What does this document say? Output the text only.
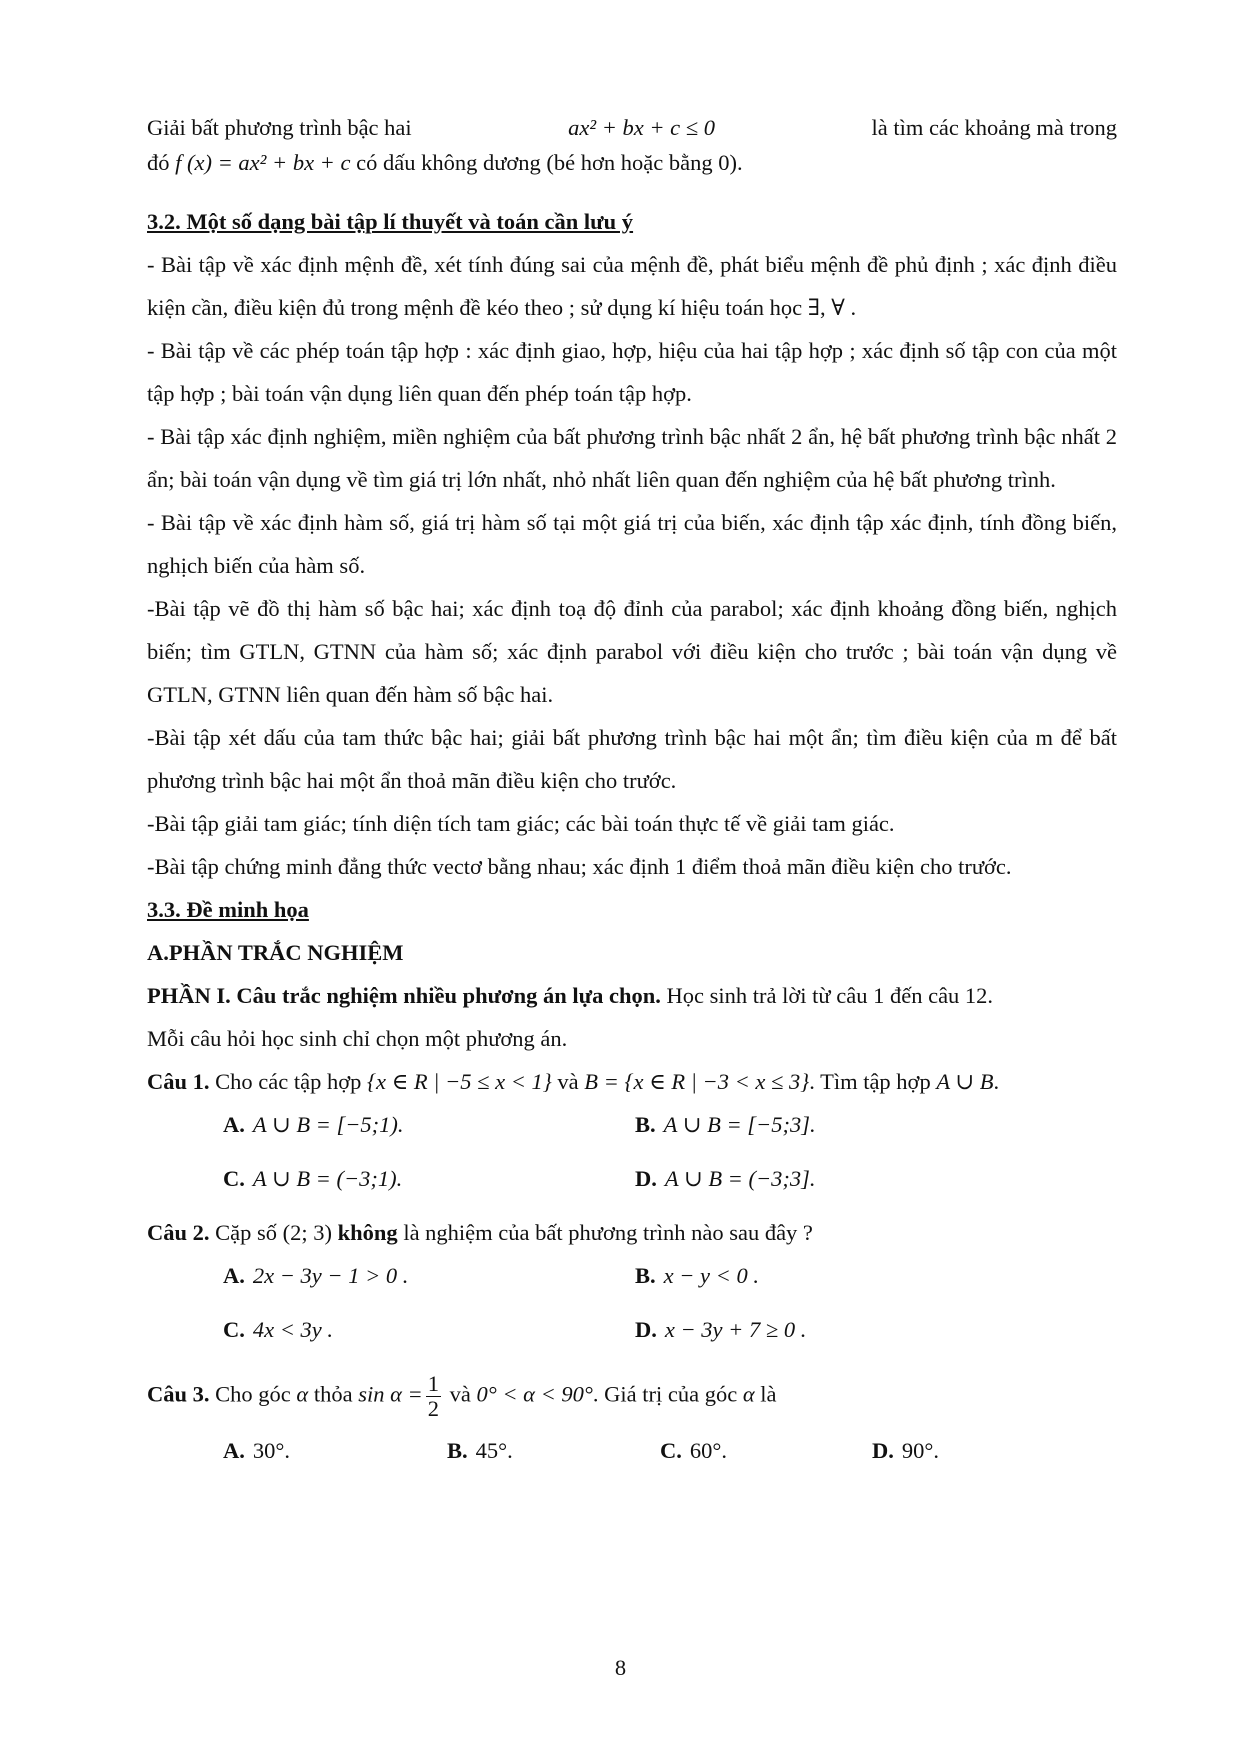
Giải bất phương trình bậc hai	ax² + bx + c ≤ 0	là tìm các khoảng mà trong
đó f (x) = ax² + bx + c có dấu không dương (bé hơn hoặc bằng 0).

3.2. Một số dạng bài tập lí thuyết và toán cần lưu ý

- Bài tập về xác định mệnh đề, xét tính đúng sai của mệnh đề, phát biểu mệnh đề phủ định ; xác định điều kiện cần, điều kiện đủ trong mệnh đề kéo theo ; sử dụng kí hiệu toán học ∃, ∀ .

- Bài tập về các phép toán tập hợp : xác định giao, hợp, hiệu của hai tập hợp ; xác định số tập con của một tập hợp ; bài toán vận dụng liên quan đến phép toán tập hợp.

- Bài tập xác định nghiệm, miền nghiệm của bất phương trình bậc nhất 2 ẩn, hệ bất phương trình bậc nhất 2 ẩn; bài toán vận dụng về tìm giá trị lớn nhất, nhỏ nhất liên quan đến nghiệm của hệ bất phương trình.

- Bài tập về xác định hàm số, giá trị hàm số tại một giá trị của biến, xác định tập xác định, tính đồng biến, nghịch biến của hàm số.

-Bài tập vẽ đồ thị hàm số bậc hai; xác định toạ độ đỉnh của parabol; xác định khoảng đồng biến, nghịch biến; tìm GTLN, GTNN của hàm số; xác định parabol với điều kiện cho trước ; bài toán vận dụng về GTLN, GTNN liên quan đến hàm số bậc hai.

-Bài tập xét dấu của tam thức bậc hai; giải bất phương trình bậc hai một ẩn; tìm điều kiện của m để bất phương trình bậc hai một ẩn thoả mãn điều kiện cho trước.

-Bài tập giải tam giác; tính diện tích tam giác; các bài toán thực tế về giải tam giác.

-Bài tập chứng minh đẳng thức vectơ bằng nhau; xác định 1 điểm thoả mãn điều kiện cho trước.

3.3. Đề minh họa

A.PHẦN TRẮC NGHIỆM

PHẦN I. Câu trắc nghiệm nhiều phương án lựa chọn. Học sinh trả lời từ câu 1 đến câu 12.

Mỗi câu hỏi học sinh chỉ chọn một phương án.

Câu 1. Cho các tập hợp {x ∈ R | −5 ≤ x < 1} và B = {x ∈ R | −3 < x ≤ 3}. Tìm tập hợp A ∪ B.

A. A ∪ B = [−5;1).	B. A ∪ B = [−5;3].
C. A ∪ B = (−3;1).	D. A ∪ B = (−3;3].

Câu 2. Cặp số (2; 3) không là nghiệm của bất phương trình nào sau đây ?

A. 2x − 3y − 1 > 0 .	B. x − y < 0 .
C. 4x < 3y .	D. x − 3y + 7 ≥ 0 .

Câu 3. Cho góc α thỏa $\sin \alpha = \frac{1}{2}$ và 0° < α < 90°. Giá trị của góc α là

A. 30°.	B. 45°.	C. 60°.	D. 90°.
8
